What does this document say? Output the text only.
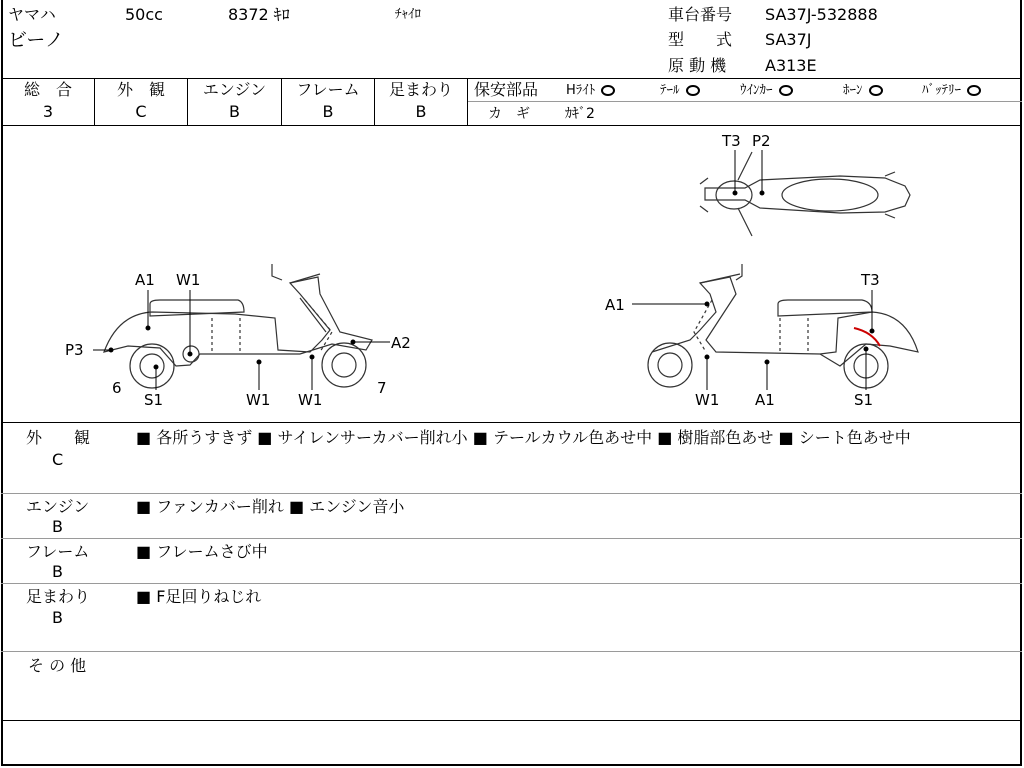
ヤマハ	50cc	8372 ｷﾛ	ﾁｬｲﾛ
ビーノ
車台番号 SA37J-532888
型　　式 SA37J
原 動 機 A313E
総　合
3
外　観
C
エンジン
B
フレーム
B
足まわり
B
保安部品 Hﾗｲﾄ	ﾃｰﾙ	ｳｲﾝｶｰ	ﾎｰﾝ	ﾊﾞｯﾃﾘｰ
カ　ギ	ｶｷﾞ2
T3 P2
A1 W1
P3	A2
6
S1	W1 W1
7
A1
T3
W1 A1	S1
外　　観
C
■ 各所うすきず ■ サイレンサーカバー削れ小 ■ テールカウル色あせ中 ■ 樹脂部色あせ ■ シート色あせ中
エンジン
B
■ ファンカバー削れ ■ エンジン音小
フレーム
B
■ フレームさび中
足まわり
B
■ F足回りねじれ
そ の 他
